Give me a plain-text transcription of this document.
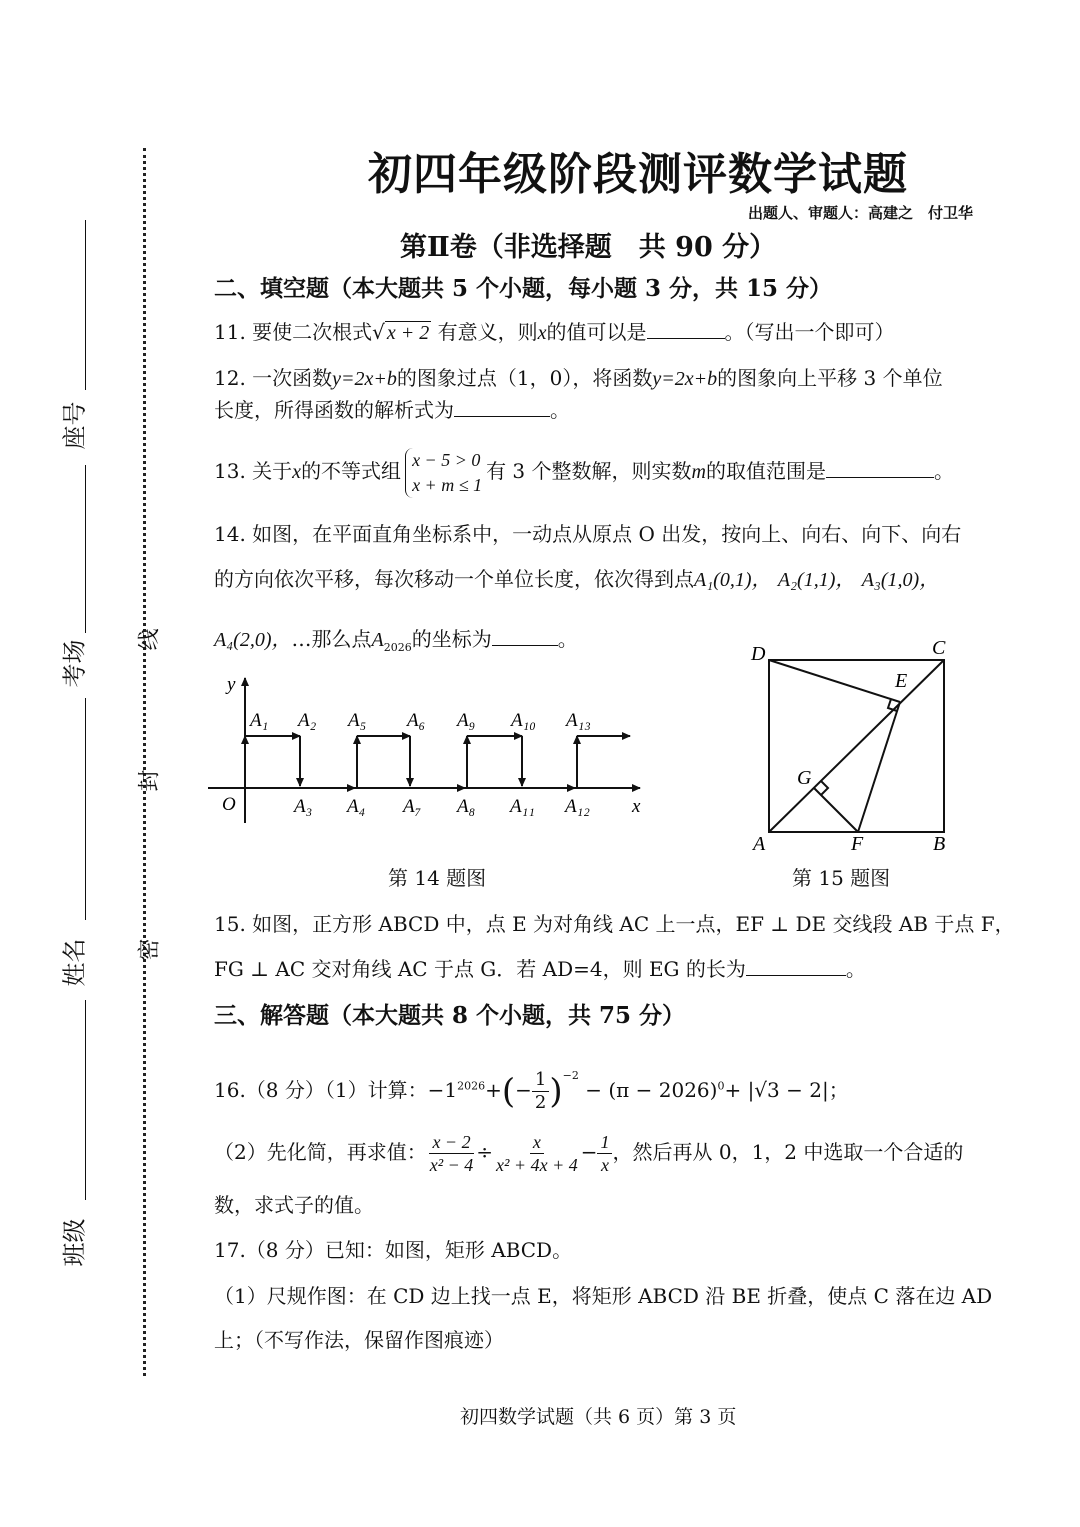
座号
考场
姓名
班级
线
封
密
初四年级阶段测评数学试题
出题人、审题人：高建之　付卫华
第Ⅱ卷（非选择题　共 90 分）
二、填空题（本大题共 5 个小题，每小题 3 分，共 15 分）
11. 要使二次根式√ x + 2 有意义，则x的值可以是	。（写出一个即可）
12. 一次函数y=2x+b的图象过点（1，0），将函数y=2x+b的图象向上平移 3 个单位
长度，所得函数的解析式为	。
13. 关于x的不等式组 x − 5 > 0
x + m ≤ 1有 3 个整数解，则实数m的取值范围是	。
14. 如图，在平面直角坐标系中，一动点从原点 O 出发，按向上、向右、向下、向右
的方向依次平移，每次移动一个单位长度，依次得到点A₁(0,1)， A₂(1,1)， A₃(1,0)，
A₄(2,0)，…那么点$A_{2026}$的坐标为	。
y
x
O
A₁ A₂ A₅ A₆ A₉ A₁₀ A₁₃
A₃ A₄ A₇ A₈ A₁₁ A₁₂
第 14 题图
D	C
E
G
A	F	B
第 15 题图
15. 如图，正方形 ABCD 中，点 E 为对角线 AC 上一点，EF ⊥ DE 交线段 AB 于点 F，
FG ⊥ AC 交对角线 AC 于点 G．若 AD=4，则 EG 的长为	。
三、解答题（本大题共 8 个小题，共 75 分）
16.（8 分）（1）计算：$-1^{2026}+(- \frac{1}{2} )^{-2} - (\pi - 2026)^0+ |√3 - 2|$；
（2）先化简，再求值： $\frac{x - 2}{\text{x² − 4}} \div \frac{x}{\text{x² + 4x + 4}} - \frac{1}{x}$ ，然后再从 0，1，2 中选取一个合适的
数，求式子的值。
17.（8 分）已知：如图，矩形 ABCD。
（1）尺规作图：在 CD 边上找一点 E，将矩形 ABCD 沿 BE 折叠，使点 C 落在边 AD
上；（不写作法，保留作图痕迹）
初四数学试题（共 6 页）第 3 页
